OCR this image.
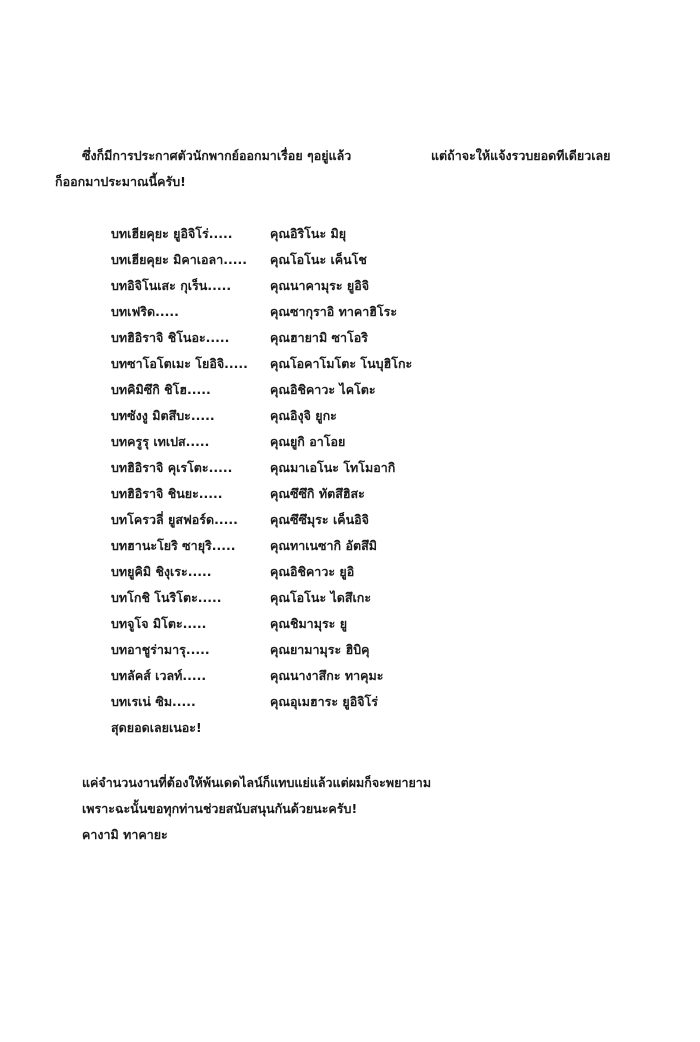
ซึ่งก็มีการประกาศตัวนักพากย์ออกมาเรื่อย ๆอยู่แล้ว	แต่ถ้าจะให้แจ้งรวบยอดทีเดียวเลย
ก็ออกมาประมาณนี้ครับ!
บทเฮียคุยะ ยูอิจิโร่.....	คุณอิริโนะ มิยุ
บทเฮียคุยะ มิคาเอลา..... คุณโอโนะ เค็นโช
บทอิจิโนเสะ กุเร็น.....	คุณนาคามุระ ยูอิจิ
บทเฟริด.....	คุณซากุราอิ ทาคาฮิโระ
บทฮิอิราจิ ชิโนอะ.....	คุณฮายามิ ซาโอริ
บทซาโอโตเมะ โยอิจิ..... คุณโอคาโมโตะ โนบุฮิโกะ
บทคิมิซึกิ ชิโฮ.....	คุณอิชิคาวะ ไคโตะ
บทซังงู มิตสึบะ.....	คุณอิงุจิ ยูกะ
บทครูรุ เทเปส.....	คุณยูกิ อาโอย
บทฮิอิราจิ คุเรโตะ.....	คุณมาเอโนะ โทโมอากิ
บทฮิอิราจิ ชินยะ.....	คุณซึซึกิ ทัตสึฮิสะ
บทโครวลี่ ยูสฟอร์ด.....	คุณซึซึมุระ เค็นอิจิ
บทฮานะโยริ ซายุริ.....	คุณทาเนซากิ อัตสึมิ
บทยูคิมิ ชิงุเระ.....	คุณอิชิคาวะ ยูอิ
บทโกชิ โนริโตะ.....	คุณโอโนะ ไดสึเกะ
บทจูโจ มิโตะ.....	คุณชิมามุระ ยู
บทอาชูร่ามารุ.....	คุณยามามุระ ฮิบิคุ
บทลัคส์ เวลท์.....	คุณนางาสึกะ ทาคุมะ
บทเรเน่ ซิม.....	คุณอุเมฮาระ ยูอิจิโร่
สุดยอดเลยเนอะ!
แค่จำนวนงานที่ต้องให้พ้นเดดไลน์ก็แทบแย่แล้วแต่ผมก็จะพยายาม
เพราะฉะนั้นขอทุกท่านช่วยสนับสนุนกันด้วยนะครับ!
คางามิ ทาคายะ
